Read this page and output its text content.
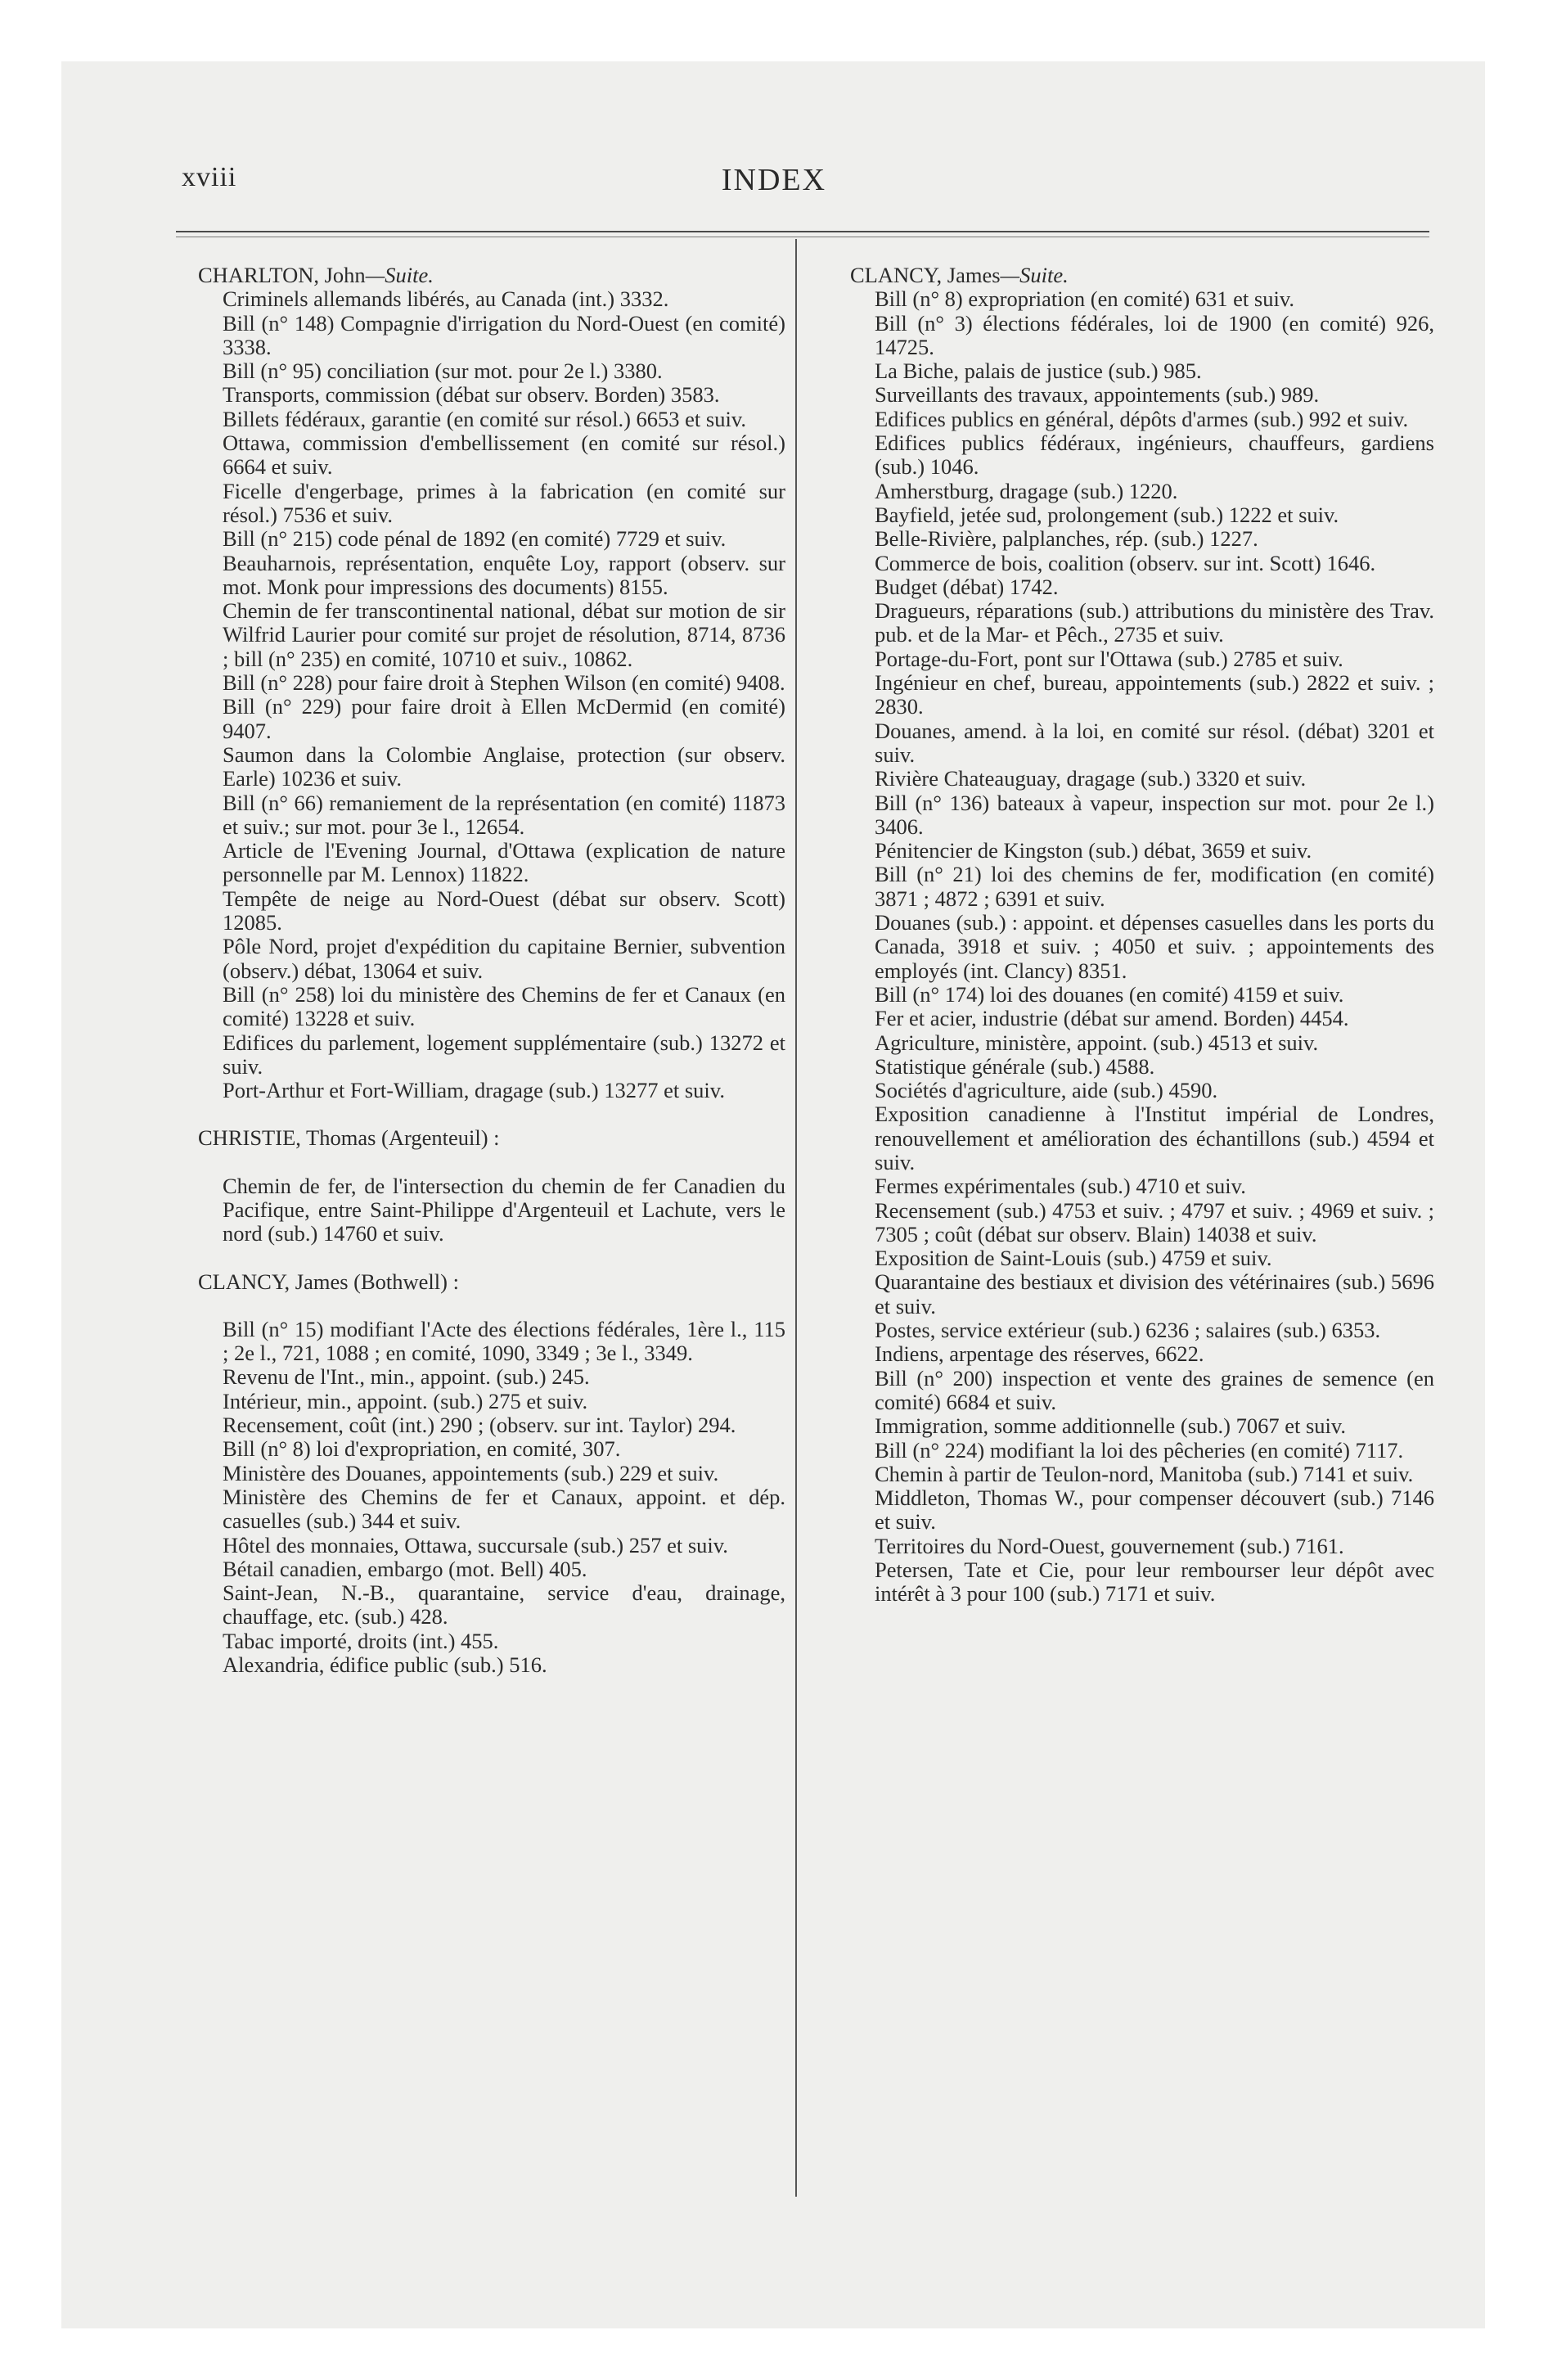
xviii	INDEX

CHARLTON, John—Suite.

Criminels allemands libérés, au Canada (int.) 3332.

Bill (n° 148) Compagnie d'irrigation du Nord-Ouest (en comité) 3338.

Bill (n° 95) conciliation (sur mot. pour 2e l.) 3380.

Transports, commission (débat sur observ. Borden) 3583.

Billets fédéraux, garantie (en comité sur résol.) 6653 et suiv.

Ottawa, commission d'embellissement (en comité sur résol.) 6664 et suiv.

Ficelle d'engerbage, primes à la fabrication (en comité sur résol.) 7536 et suiv.

Bill (n° 215) code pénal de 1892 (en comité) 7729 et suiv.

Beauharnois, représentation, enquête Loy, rapport (observ. sur mot. Monk pour impressions des documents) 8155.

Chemin de fer transcontinental national, débat sur motion de sir Wilfrid Laurier pour comité sur projet de résolution, 8714, 8736 ; bill (n° 235) en comité, 10710 et suiv., 10862.

Bill (n° 228) pour faire droit à Stephen Wilson (en comité) 9408.

Bill (n° 229) pour faire droit à Ellen McDermid (en comité) 9407.

Saumon dans la Colombie Anglaise, protection (sur observ. Earle) 10236 et suiv.

Bill (n° 66) remaniement de la représentation (en comité) 11873 et suiv.; sur mot. pour 3e l., 12654.

Article de l'Evening Journal, d'Ottawa (explication de nature personnelle par M. Lennox) 11822.

Tempête de neige au Nord-Ouest (débat sur observ. Scott) 12085.

Pôle Nord, projet d'expédition du capitaine Bernier, subvention (observ.) débat, 13064 et suiv.

Bill (n° 258) loi du ministère des Chemins de fer et Canaux (en comité) 13228 et suiv.

Edifices du parlement, logement supplémentaire (sub.) 13272 et suiv.

Port-Arthur et Fort-William, dragage (sub.) 13277 et suiv.

CHRISTIE, Thomas (Argenteuil) :

Chemin de fer, de l'intersection du chemin de fer Canadien du Pacifique, entre Saint-Philippe d'Argenteuil et Lachute, vers le nord (sub.) 14760 et suiv.

CLANCY, James (Bothwell) :

Bill (n° 15) modifiant l'Acte des élections fédérales, 1ère l., 115 ; 2e l., 721, 1088 ; en comité, 1090, 3349 ; 3e l., 3349.

Revenu de l'Int., min., appoint. (sub.) 245.

Intérieur, min., appoint. (sub.) 275 et suiv.

Recensement, coût (int.) 290 ; (observ. sur int. Taylor) 294.

Bill (n° 8) loi d'expropriation, en comité, 307.

Ministère des Douanes, appointements (sub.) 229 et suiv.

Ministère des Chemins de fer et Canaux, appoint. et dép. casuelles (sub.) 344 et suiv.

Hôtel des monnaies, Ottawa, succursale (sub.) 257 et suiv.

Bétail canadien, embargo (mot. Bell) 405.

Saint-Jean, N.-B., quarantaine, service d'eau, drainage, chauffage, etc. (sub.) 428.

Tabac importé, droits (int.) 455.

Alexandria, édifice public (sub.) 516.

CLANCY, James—Suite.

Bill (n° 8) expropriation (en comité) 631 et suiv.

Bill (n° 3) élections fédérales, loi de 1900 (en comité) 926, 14725.

La Biche, palais de justice (sub.) 985.

Surveillants des travaux, appointements (sub.) 989.

Edifices publics en général, dépôts d'armes (sub.) 992 et suiv.

Edifices publics fédéraux, ingénieurs, chauffeurs, gardiens (sub.) 1046.

Amherstburg, dragage (sub.) 1220.

Bayfield, jetée sud, prolongement (sub.) 1222 et suiv.

Belle-Rivière, palplanches, rép. (sub.) 1227.

Commerce de bois, coalition (observ. sur int. Scott) 1646.

Budget (débat) 1742.

Dragueurs, réparations (sub.) attributions du ministère des Trav. pub. et de la Mar- et Pêch., 2735 et suiv.

Portage-du-Fort, pont sur l'Ottawa (sub.) 2785 et suiv.

Ingénieur en chef, bureau, appointements (sub.) 2822 et suiv. ; 2830.

Douanes, amend. à la loi, en comité sur résol. (débat) 3201 et suiv.

Rivière Chateauguay, dragage (sub.) 3320 et suiv.

Bill (n° 136) bateaux à vapeur, inspection sur mot. pour 2e l.) 3406.

Pénitencier de Kingston (sub.) débat, 3659 et suiv.

Bill (n° 21) loi des chemins de fer, modification (en comité) 3871 ; 4872 ; 6391 et suiv.

Douanes (sub.) : appoint. et dépenses casuelles dans les ports du Canada, 3918 et suiv. ; 4050 et suiv. ; appointements des employés (int. Clancy) 8351.

Bill (n° 174) loi des douanes (en comité) 4159 et suiv.

Fer et acier, industrie (débat sur amend. Borden) 4454.

Agriculture, ministère, appoint. (sub.) 4513 et suiv.

Statistique générale (sub.) 4588.

Sociétés d'agriculture, aide (sub.) 4590.

Exposition canadienne à l'Institut impérial de Londres, renouvellement et amélioration des échantillons (sub.) 4594 et suiv.

Fermes expérimentales (sub.) 4710 et suiv.

Recensement (sub.) 4753 et suiv. ; 4797 et suiv. ; 4969 et suiv. ; 7305 ; coût (débat sur observ. Blain) 14038 et suiv.

Exposition de Saint-Louis (sub.) 4759 et suiv.

Quarantaine des bestiaux et division des vétérinaires (sub.) 5696 et suiv.

Postes, service extérieur (sub.) 6236 ; salaires (sub.) 6353.

Indiens, arpentage des réserves, 6622.

Bill (n° 200) inspection et vente des graines de semence (en comité) 6684 et suiv.

Immigration, somme additionnelle (sub.) 7067 et suiv.

Bill (n° 224) modifiant la loi des pêcheries (en comité) 7117.

Chemin à partir de Teulon-nord, Manitoba (sub.) 7141 et suiv.

Middleton, Thomas W., pour compenser découvert (sub.) 7146 et suiv.

Territoires du Nord-Ouest, gouvernement (sub.) 7161.

Petersen, Tate et Cie, pour leur rembourser leur dépôt avec intérêt à 3 pour 100 (sub.) 7171 et suiv.
